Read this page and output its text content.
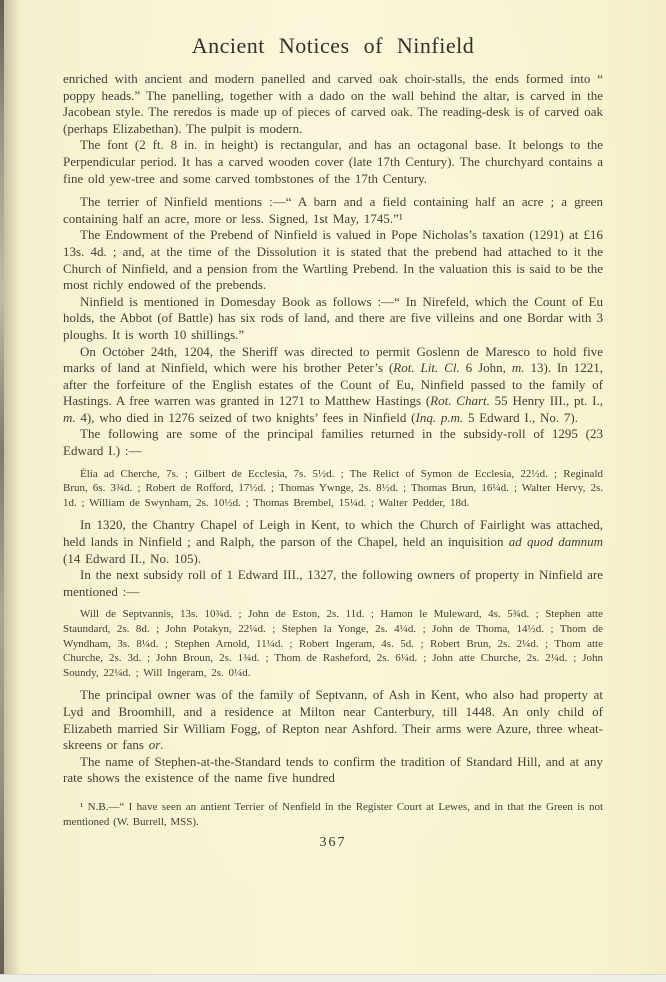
Ancient Notices of Ninfield

enriched with ancient and modern panelled and carved oak choir-stalls, the ends formed into “ poppy heads.” The panelling, together with a dado on the wall behind the altar, is carved in the Jacobean style. The reredos is made up of pieces of carved oak. The reading-desk is of carved oak (perhaps Elizabethan). The pulpit is modern.

The font (2 ft. 8 in. in height) is rectangular, and has an octagonal base. It belongs to the Perpendicular period. It has a carved wooden cover (late 17th Century). The churchyard contains a fine old yew-tree and some carved tombstones of the 17th Century.

The terrier of Ninfield mentions :—“ A barn and a field containing half an acre ; a green containing half an acre, more or less. Signed, 1st May, 1745.”¹

The Endowment of the Prebend of Ninfield is valued in Pope Nicholas’s taxation (1291) at £16 13s. 4d. ; and, at the time of the Dissolution it is stated that the prebend had attached to it the Church of Ninfield, and a pension from the Wartling Prebend. In the valuation this is said to be the most richly endowed of the prebends.

Ninfield is mentioned in Domesday Book as follows :—“ In Nirefeld, which the Count of Eu holds, the Abbot (of Battle) has six rods of land, and there are five villeins and one Bordar with 3 ploughs. It is worth 10 shillings.”

On October 24th, 1204, the Sheriff was directed to permit Goslenn de Maresco to hold five marks of land at Ninfield, which were his brother Peter’s (Rot. Lit. Cl. 6 John, m. 13). In 1221, after the forfeiture of the English estates of the Count of Eu, Ninfield passed to the family of Hastings. A free warren was granted in 1271 to Matthew Hastings (Rot. Chart. 55 Henry III., pt. I., m. 4), who died in 1276 seized of two knights’ fees in Ninfield (Inq. p.m. 5 Edward I., No. 7).

The following are some of the principal families returned in the subsidy-roll of 1295 (23 Edward I.) :—

Èlia ad Cherche, 7s. ; Gilbert de Ecclesia, 7s. 5½d. ; The Relict of Symon de Ecclesia, 22½d. ; Reginald Brun, 6s. 3¾d. ; Robert de Rofford, 17½d. ; Thomas Ywnge, 2s. 8½d. ; Thomas Brun, 16¼d. ; Walter Hervy, 2s. 1d. ; William de Swynham, 2s. 10½d. ; Thomas Brembel, 15¼d. ; Walter Pedder, 18d.

In 1320, the Chantry Chapel of Leigh in Kent, to which the Church of Fairlight was attached, held lands in Ninfield ; and Ralph, the parson of the Chapel, held an inquisition ad quod damnum (14 Edward II., No. 105).

In the next subsidy roll of 1 Edward III., 1327, the following owners of property in Ninfield are mentioned :—

Will de Septvannis, 13s. 10¾d. ; John de Eston, 2s. 11d. ; Hamon le Muleward, 4s. 5¾d. ; Stephen atte Staundard, 2s. 8d. ; John Potakyn, 22¼d. ; Stephen la Yonge, 2s. 4¼d. ; John de Thoma, 14½d. ; Thom de Wyndham, 3s. 8¼d. ; Stephen Arnold, 11¼d. ; Robert Ingeram, 4s. 5d. ; Robert Brun, 2s. 2¼d. ; Thom atte Churche, 2s. 3d. ; John Broun, 2s. 1¾d. ; Thom de Rasheford, 2s. 6¼d. ; John atte Churche, 2s. 2¼d. ; John Soundy, 22¼d. ; Will Ingeram, 2s. 0¼d.

The principal owner was of the family of Septvann, of Ash in Kent, who also had property at Lyd and Broomhill, and a residence at Milton near Canterbury, till 1448. An only child of Elizabeth married Sir William Fogg, of Repton near Ashford. Their arms were Azure, three wheat-skreens or fans or.

The name of Stephen-at-the-Standard tends to confirm the tradition of Standard Hill, and at any rate shows the existence of the name five hundred

¹ N.B.—“ I have seen an antient Terrier of Nenfield in the Register Court at Lewes, and in that the Green is not mentioned (W. Burrell, MSS).

367
